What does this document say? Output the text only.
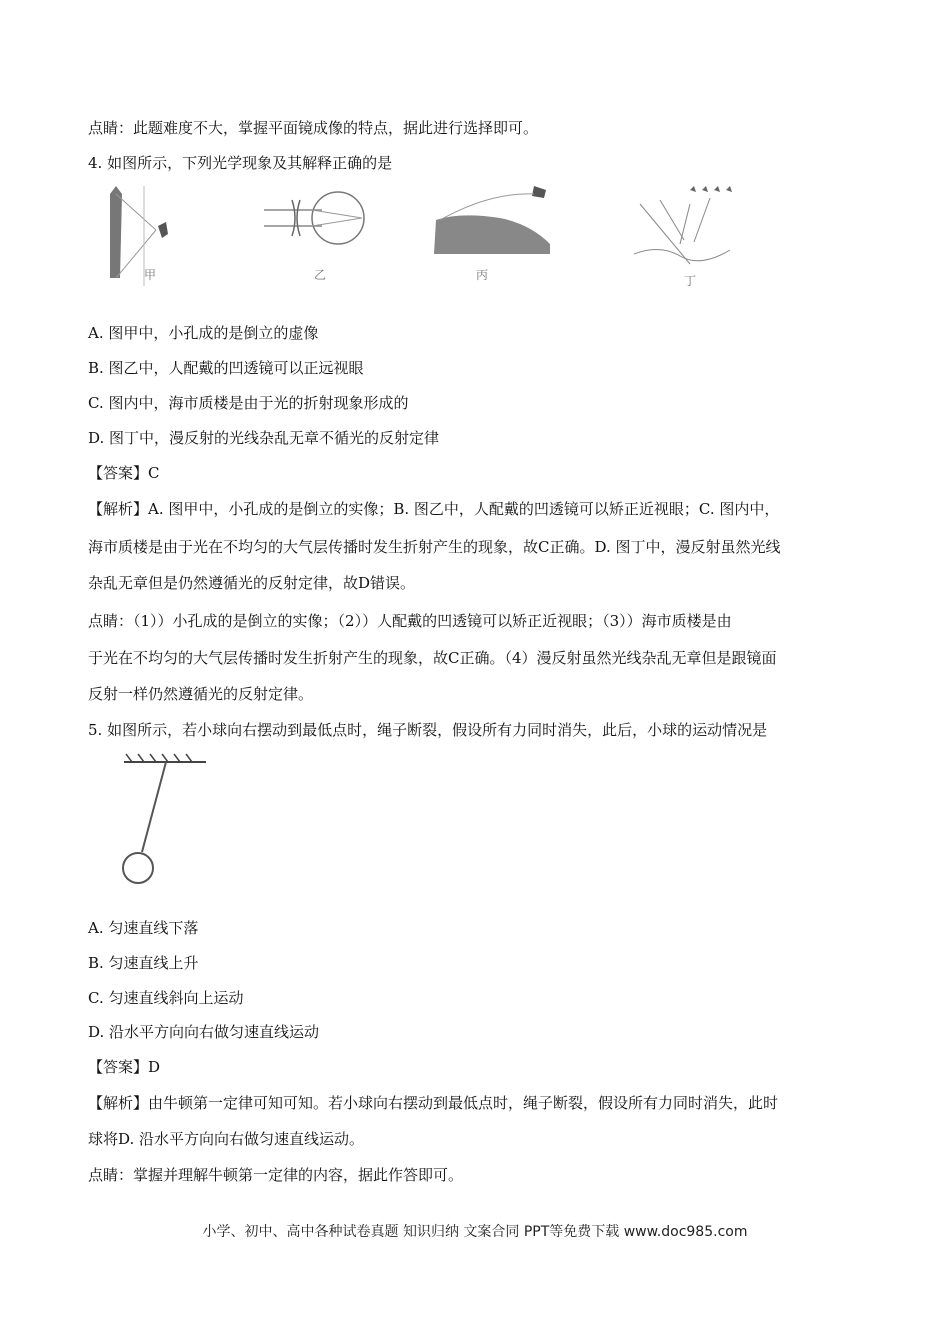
点睛：此题难度不大，掌握平面镜成像的特点，据此进行选择即可。
4. 如图所示，下列光学现象及其解释正确的是
甲	乙	丙	丁
A. 图甲中，小孔成的是倒立的虚像
B. 图乙中，人配戴的凹透镜可以正远视眼
C. 图内中，海市质楼是由于光的折射现象形成的
D. 图丁中，漫反射的光线杂乱无章不循光的反射定律
【答案】C
【解析】A. 图甲中，小孔成的是倒立的实像；B. 图乙中，人配戴的凹透镜可以矫正近视眼；C. 图内中，
海市质楼是由于光在不均匀的大气层传播时发生折射产生的现象，故C正确。D. 图丁中，漫反射虽然光线
杂乱无章但是仍然遵循光的反射定律，故D错误。
点睛：（1））小孔成的是倒立的实像；（2））人配戴的凹透镜可以矫正近视眼；（3））海市质楼是由
于光在不均匀的大气层传播时发生折射产生的现象，故C正确。（4）漫反射虽然光线杂乱无章但是跟镜面
反射一样仍然遵循光的反射定律。
5. 如图所示，若小球向右摆动到最低点时，绳子断裂，假设所有力同时消失，此后，小球的运动情况是
A. 匀速直线下落
B. 匀速直线上升
C. 匀速直线斜向上运动
D. 沿水平方向向右做匀速直线运动
【答案】D
【解析】由牛顿第一定律可知可知。若小球向右摆动到最低点时，绳子断裂，假设所有力同时消失，此时
球将D. 沿水平方向向右做匀速直线运动。
点睛：掌握并理解牛顿第一定律的内容，据此作答即可。
小学、初中、高中各种试卷真题 知识归纳 文案合同 PPT等免费下载 www.doc985.com
